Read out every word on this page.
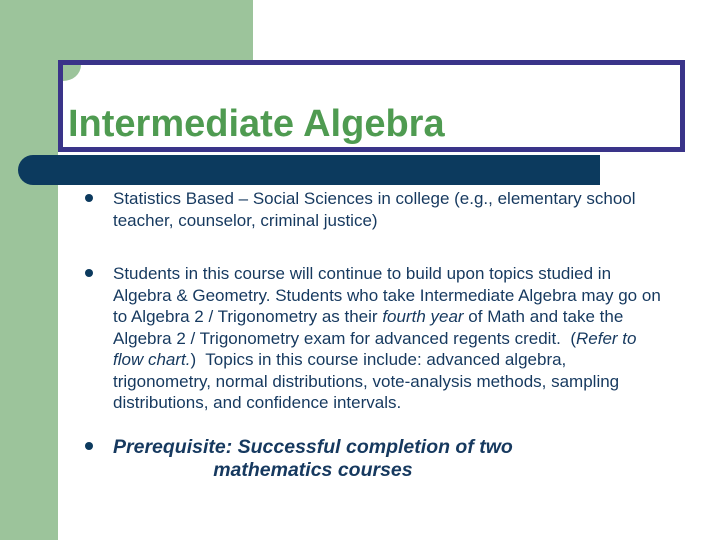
Intermediate Algebra
Statistics Based – Social Sciences in college (e.g., elementary school teacher, counselor, criminal justice)
Students in this course will continue to build upon topics studied in Algebra & Geometry. Students who take Intermediate Algebra may go on to Algebra 2 / Trigonometry as their fourth year of Math and take the Algebra 2 / Trigonometry exam for advanced regents credit.  (Refer to flow chart.)  Topics in this course include: advanced algebra, trigonometry, normal distributions, vote-analysis methods, sampling distributions, and confidence intervals.
Prerequisite: Successful completion of two
mathematics courses
